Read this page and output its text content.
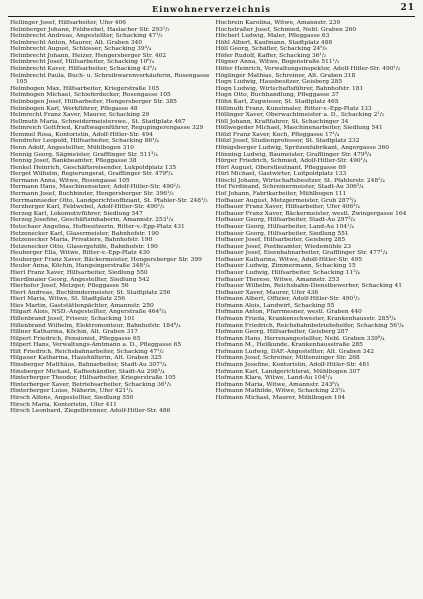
Einwohnerverzeichnis	21
Hellinger Josef, Hilfsarbeiter, Ufer 406
Helmberger Johann, Feldwebel, Haslacher Str. 293¹/₂
Helmbrecht Andreas, Angestellter, Schacking 47¹/₂
Helmbrecht Anton, Maurer, Alt. Graben 340
Helmbrecht August, Schlosser, Schacking 39³/₄
Helmbrecht Johann, Heizer, Hengersberger Str. 402
Helmbrecht Josef, Hilfsarbeiter, Schacking 10⁸/₄
Helmbrecht Kaver, Hilfsarbeiter, Schacking 43⁵/₄
Helmbrecht Paula, Buch- u. Schreibwarenverkäuferin, Rosengasse 105
Helmbogen Max, Hilfsarbeiter, Kriegerstraße 105
Helmbogen Michael, Schieferdecker, Rosengasse 105
Helmbogen Josef, Hilfsarbeiter, Hengersberger Str. 385
Helmbogen Karl, Werkführer, Pflegasse 48
Helmrecht Franz Xaver, Maurer, Schacking 29
Hellmuth Maria, Schneidermeisterswe., St. Stadtplatz 467
Helmreich Gottfried, Kraftwagenführer, Regupingerengasse 329
Hemmel Rosa, Kontoristin, Adolf-Hitler-Str. 494
Hendrefer Leopold, Hilfsarbeiter, Schacking 86¹/₄
Henn Adolf, Angestellter, Mühlbogen 310
Hennig Georg, Sägmeister, Grafflinger Str. 511³/₄
Hennig Josef, Bankbeamter, Pfleggasse 38
Henkel Heinrich, Geschäftsreisender, Lukpoldplatz 135
Herget Wilhelm, Regierungsrat, Grafflinger Str. 479⁸/₄
Hermann Anna, Witwe, Rosengasse 105
Hermann Hans, Maschinensetzer, Adolf-Hitler-Str. 490¹/₂
Hermann Josef, Buchbinder, Hengersberger Str. 396¹/₂
Herrmannseder Otto, Landgerichtsoffiziant, St. Pfahler-Str. 248¹/₂
Herzberger Karl, Feldwebel, Adolf-Hitler-Str. 490¹/₂
Herzog Karl, Lokomotivführer, Siedlung 547
Herzog Josefine, Geschäftsinhaberin, Amannstr. 253¹/₄
Hetschaer Angelina, Hofbesitzerin, Ritter-v.-Epp-Platz 431
Hetzenecker Karl, Glasermeister, Bahnhofstr. 190
Hetzenecker Maria, Privatiere, Bahnhofstr. 190
Hetzenecker Otto, Glasergehilfe, Bahnhofstr. 190
Heuberger Ella, Witwe, Ritter-v.-Epp-Platz 430
Heuberger Franz Xaver, Bäckermeister, Hengersberger Str. 399
Heuler Anna, Köchin, Hangsingerstraße 348¹/₄
Hierl Franz Xaver, Hilfsarbeiter, Siedlung 550
Hierdlmaier Georg, Angestellter, Siedlung 542
Hierhofer Josef, Metzger, Pfleggasse 56
Hiert Andreas, Buchbindermeister, St. Stadtplatz 256
Hierl Maria, Witwe, St. Stadtplatz 256
Hies Martin, Gaststättenpächter, Amannstr. 250
Hilgart Alois, NSD.-Angestellter, Angerstraße 464³/₄
Hillenbrand Josef, Friseur, Schacking 101
Hillenbrand Wilhelm, Elektromonteur, Bahnhofstr. 184⁸/₄
Hillner Katharina, Köchin, Alt. Graben 317
Hilpert Friedrich, Pensionist, Pfleggasse 65
Hilpert Hans, Verwaltungs-Amtmann a. D., Pfleggasse 65
Hilt Friedrich, Reichsbahnarbeiter, Schacking 47¹/₂
Hilgauer Katharina, Haushälterin, Alt. Graben 325
Hinsberger Matthäus, Bahnarbeiter, Stadt-Au 307¹/₄
Hinsberger Michael, Kaffeehändler, Stadt-Au 298⁵/₄
Hinterberger Theodor, Hilfsarbeiter, Kriegerstraße 105
Hinterberger Xaver, Betriebsarbeiter, Schacking 36¹/₂
Hinterberger Luise, Näherin, Ufer 421¹/₄
Hirsch Alfons, Angestellter, Siedlung 550
Hirsch Maria, Kontoristin, Ufer 411
Hirsch Leonhard, Ziegelbrenner, Adolf-Hitler-Str. 486
Hochrein Karolina, Witwe, Amannstr. 239
Hochstraßer Josef, Schmied, Nebl. Graben 260
Höcherl Ludwig, Maler, Pfleggasse 63
Höhl Albert, Kaufmann, Stadtplatz 488
Höll Georg, Schäfler, Schacking 24⁵/₈
Höfer Rudolf, Kaffer, Schacking 36¹/₂
Högner Anna, Witwe, Bogenstraße 511¹/₂
Höfer Heinrich, Verwaltungsinspektor, Adolf-Hitler-Str. 490¹/₂
Höglinger Mathias, Schreiner, Alt. Graben 318
Hogn Ludwig, Hausbesitzer, Geisberg 285
Hogn Ludwig, Wirtschaftsführer, Bahnhofstr. 181
Hogn Otto, Buchhandlung, Pfleggasse 37
Höhn Karl, Zugwieser, St. Stadtplatz 465
Höllmuth Franz, Kunstmaler, Ritter-v.-Epp-Platz 133
Höllinger Xaver, Oberwachtmeister a. D., Schacking 2¹/₂
Höll Johann, Kraftfahrer, St. Schachinger 34
Höllwegeder Michael, Maschinenarbeiter, Siedlung 541
Hölzl Franz Xaver, Koch, Pfleggasse 17¹/₄
Hölzl Josef, Studienprofessor, St. Stadtplatz 232
Hönigsberger Ludwig, Spritzenfabrikant, Angergasse 360
Hönning Ludwig, Baumeister, Grafflinger Str. 479⁸/₄
Hörger Friedrich, Schmied, Adolf-Hitler-Str. 490¹/₄
Hörl August, Oberstleutnant, Pfleggasse 69
Hörl Michael, Gastwirter, Luitpoldplatz 133
Höschl Johann, Wirtschaftsbesitzer, St. Pfahlerstr. 248²/₄
Hof Ferdinand, Schreinermeister, Stadt-Au 306³/₄
Hof Johann, Fabrikarbeiter, Mühlbogen 111
Hofbauer August, Metzgermeister, Grub 287³/₄
Hofbauer Franz Xaver, Hilfsarbeiter, Ufer 406³/₄
Hofbauer Franz Xaver, Bäckermeister, westl. Zwingergasse 164
Hofbauer Georg, Hilfsarbeiter, Stadt-Au 297³/₄
Hofbauer Georg, Hilfsarbeiter, Land-Au 104¹/₄
Hofbauer Georg, Hilfsarbeiter, Siedlung 551
Hofbauer Josef, Hilfsarbeiter, Geisberg 285
Hofbauer Josef, Postbeamter, Wiedemühle 23
Hofbauer Josef, Eisenbahnarbeiter, Grafflinger Str. 477¹/₄
Hofbauer Katharina, Witwe, Adolf-Hitler-Str. 495
Hofbauer Ludwig, Zimmermann, Schacking 15
Hofbauer Ludwig, Hilfsarbeiter, Schacking 11⁵/₄
Hofbauer Therese, Witwe, Amannstr. 253
Hofbauer Wilhelm, Reichsbahn-Dienstbewerber, Schacking 41
Hofbauer Xaver, Maurer, Ufer 436
Hofmann Albert, Offizier, Adolf-Hitler-Str. 490¹/₂
Hofmann Alois, Landwirt, Schacking 55
Hofmann Anton, Pfarrmesner, westl. Graben 440
Hofmann Frieda, Krankenschwester, Krankenhausstr. 285³/₄
Hofmann Friedrich, Reichsbahnbetriebshelfer, Schacking 56¹/₄
Hofmann Georg, Hilfsarbeiter, Geisberg 287
Hofmann Hans, Herrenangestellter, Nebl. Graben 339⁸/₄
Hofmann M., Heilkunde, Krankenhausstraße 285
Hofmann Ludwig, DAF.-Angestellter, Alt. Graben 342
Hofmann Josef, Schreiner, Mittenzinger Str. 268
Hofmann Josefine, Kontoristin, Adolf-Hitler-Str. 481
Hofmann Karl, Landgerichtsrat, Mühlbogen 307
Hofmann Klara, Witwe, Land-Au 104¹/₄
Hofmann Maria, Witwe, Amannstr. 243⁸/₄
Hofmann Mathilde, Witwe, Schacking 23²/₄
Hofmann Michael, Maurer, Mühlbogen 104
